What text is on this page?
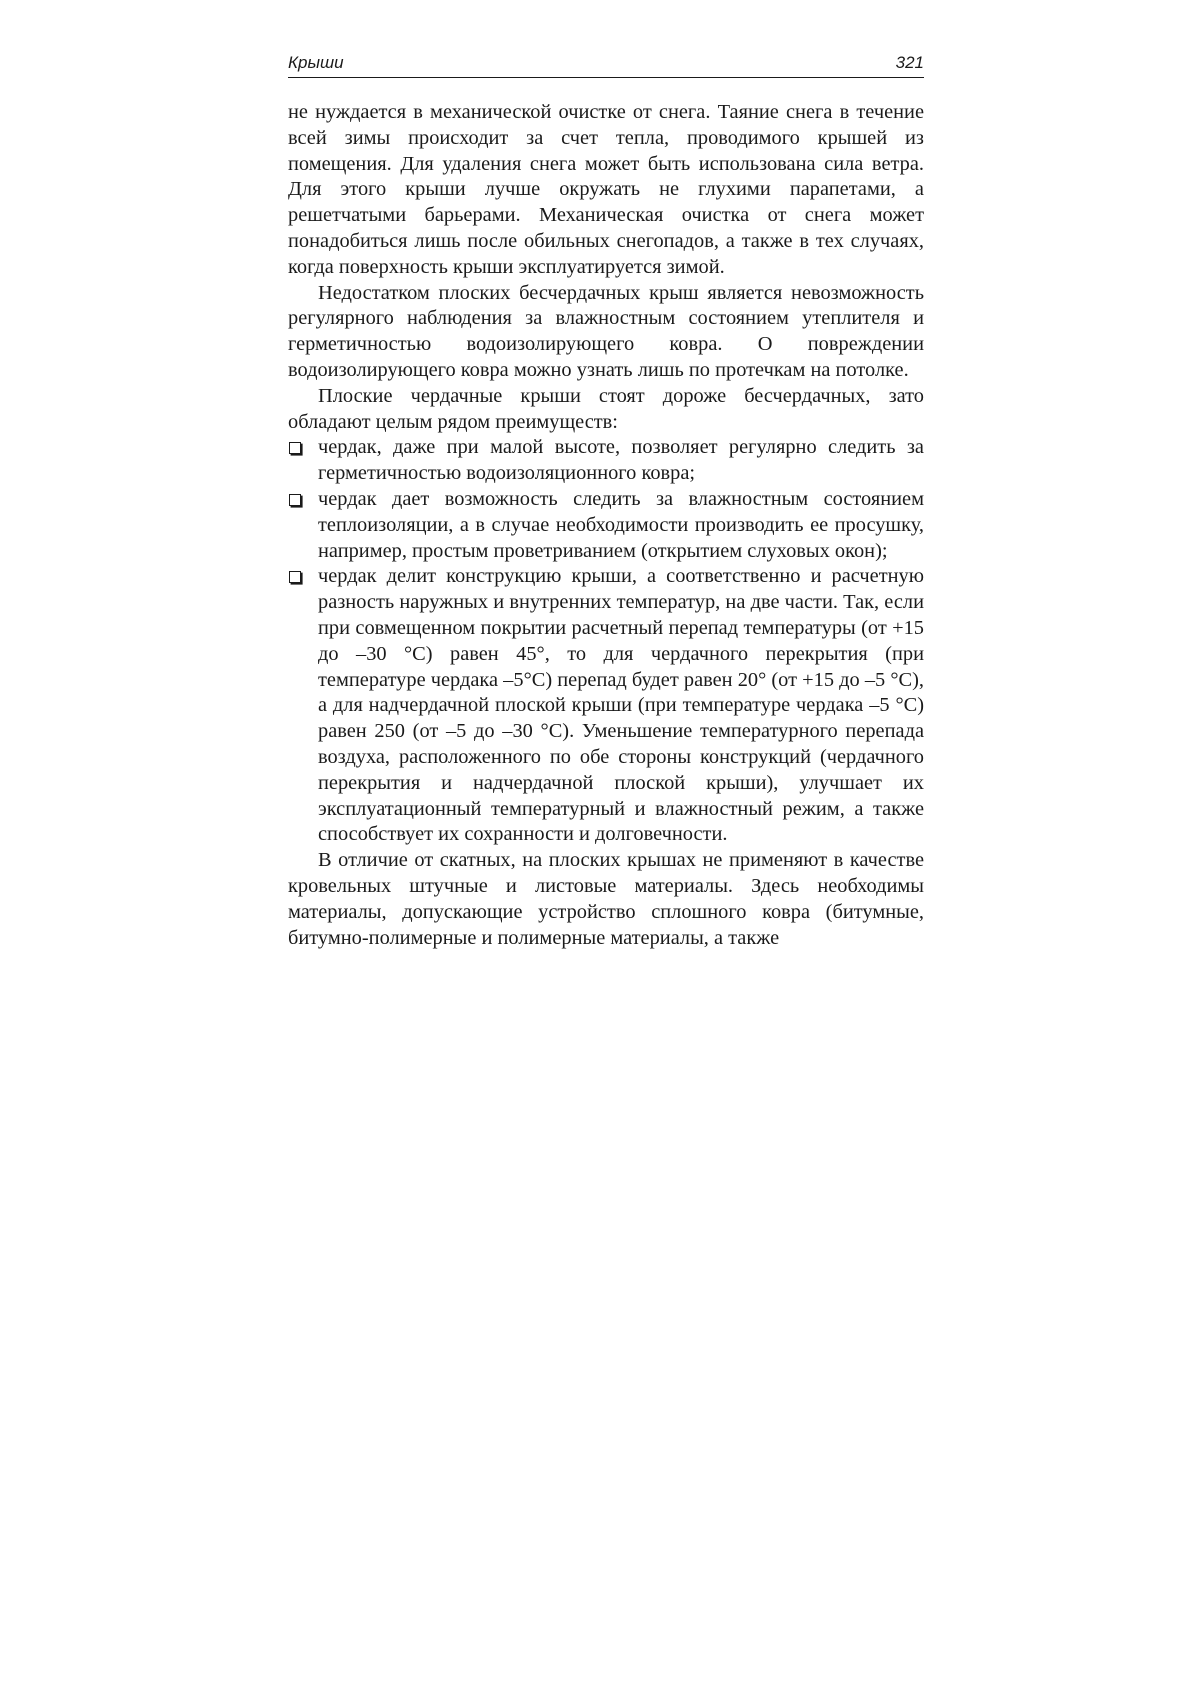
Крыши	321

не нуждается в механической очистке от снега. Таяние снега в течение всей зимы происходит за счет тепла, проводимого крышей из помещения. Для удаления снега может быть использована сила ветра. Для этого крыши лучше окружать не глухими парапетами, а решетчатыми барьерами. Механическая очистка от снега может понадобиться лишь после обильных снегопадов, а также в тех случаях, когда поверхность крыши эксплуатируется зимой.

Недостатком плоских бесчердачных крыш является невозможность регулярного наблюдения за влажностным состоянием утеплителя и герметичностью водоизолирующего ковра. О повреждении водоизолирующего ковра можно узнать лишь по протечкам на потолке.

Плоские чердачные крыши стоят дороже бесчердачных, зато обладают целым рядом преимуществ:

чердак, даже при малой высоте, позволяет регулярно следить за герметичностью водоизоляционного ковра;
чердак дает возможность следить за влажностным состоянием теплоизоляции, а в случае необходимости производить ее просушку, например, простым проветриванием (открытием слуховых окон);
чердак делит конструкцию крыши, а соответственно и расчетную разность наружных и внутренних температур, на две части. Так, если при совмещенном покрытии расчетный перепад температуры (от +15 до –30 °С) равен 45°, то для чердачного перекрытия (при температуре чердака –5°С) перепад будет равен 20° (от +15 до –5 °С), а для надчердачной плоской крыши (при температуре чердака –5 °С) равен 250 (от –5 до –30 °С). Уменьшение температурного перепада воздуха, расположенного по обе стороны конструкций (чердачного перекрытия и надчердачной плоской крыши), улучшает их эксплуатационный температурный и влажностный режим, а также способствует их сохранности и долговечности.

В отличие от скатных, на плоских крышах не применяют в качестве кровельных штучные и листовые материалы. Здесь необходимы материалы, допускающие устройство сплошного ковра (битумные, битумно-полимерные и полимерные материалы, а также
